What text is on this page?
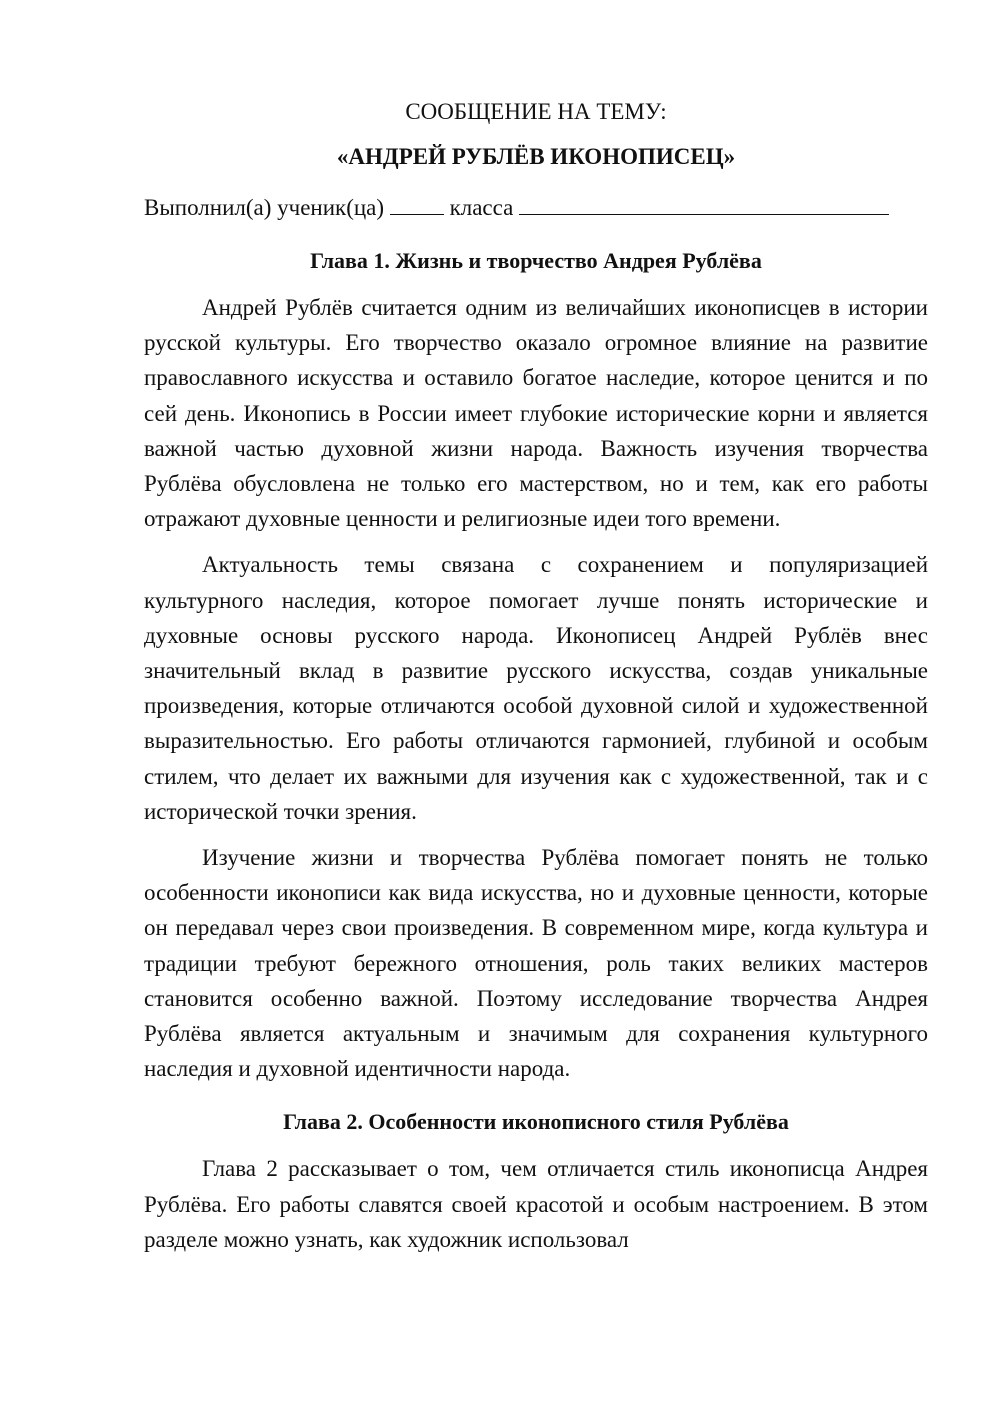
СООБЩЕНИЕ НА ТЕМУ:
«АНДРЕЙ РУБЛЁВ ИКОНОПИСЕЦ»
Выполнил(а) ученик(ца)	класса
Глава 1. Жизнь и творчество Андрея Рублёва

Андрей Рублёв считается одним из величайших иконописцев в истории русской культуры. Его творчество оказало огромное влияние на развитие православного искусства и оставило богатое наследие, которое ценится и по сей день. Иконопись в России имеет глубокие исторические корни и является важной частью духовной жизни народа. Важность изучения творчества Рублёва обусловлена не только его мастерством, но и тем, как его работы отражают духовные ценности и религиозные идеи того времени.

Актуальность темы связана с сохранением и популяризацией культурного наследия, которое помогает лучше понять исторические и духовные основы русского народа. Иконописец Андрей Рублёв внес значительный вклад в развитие русского искусства, создав уникальные произведения, которые отличаются особой духовной силой и художественной выразительностью. Его работы отличаются гармонией, глубиной и особым стилем, что делает их важными для изучения как с художественной, так и с исторической точки зрения.

Изучение жизни и творчества Рублёва помогает понять не только особенности иконописи как вида искусства, но и духовные ценности, которые он передавал через свои произведения. В современном мире, когда культура и традиции требуют бережного отношения, роль таких великих мастеров становится особенно важной. Поэтому исследование творчества Андрея Рублёва является актуальным и значимым для сохранения культурного наследия и духовной идентичности народа.

Глава 2. Особенности иконописного стиля Рублёва

Глава 2 рассказывает о том, чем отличается стиль иконописца Андрея Рублёва. Его работы славятся своей красотой и особым настроением. В этом разделе можно узнать, как художник использовал
